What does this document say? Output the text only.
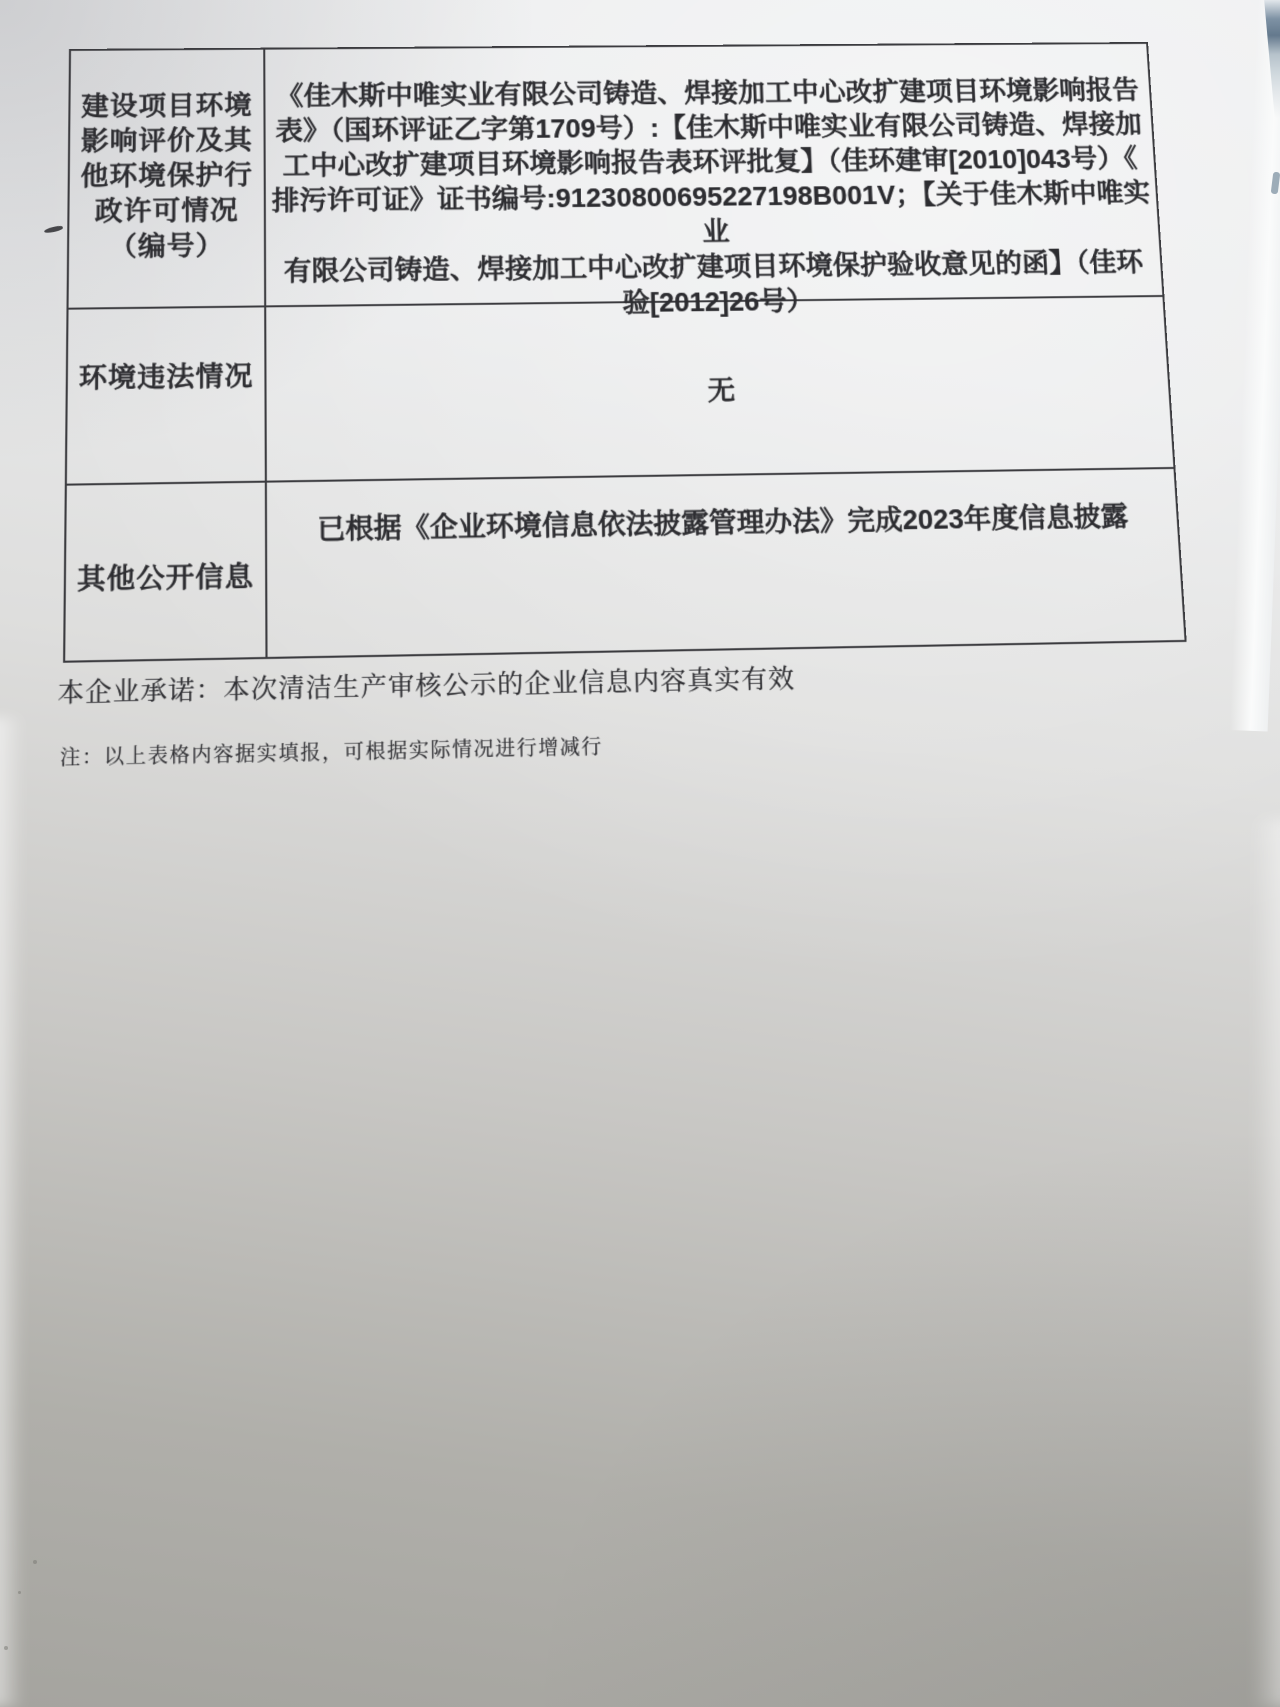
建设项目环境
影响评价及其
他环境保护行
政许可情况
（编号）
《佳木斯中唯实业有限公司铸造、焊接加工中心改扩建项目环境影响报告
表》（国环评证乙字第1709号）:【佳木斯中唯实业有限公司铸造、焊接加
工中心改扩建项目环境影响报告表环评批复】（佳环建审[2010]043号）《
排污许可证》证书编号:91230800695227198B001V；【关于佳木斯中唯实业
有限公司铸造、焊接加工中心改扩建项目环境保护验收意见的函】（佳环
验[2012]26号）
环境违法情况	无
其他公开信息
已根据《企业环境信息依法披露管理办法》完成2023年度信息披露
本企业承诺：本次清洁生产审核公示的企业信息内容真实有效
注：以上表格内容据实填报，可根据实际情况进行增减行
